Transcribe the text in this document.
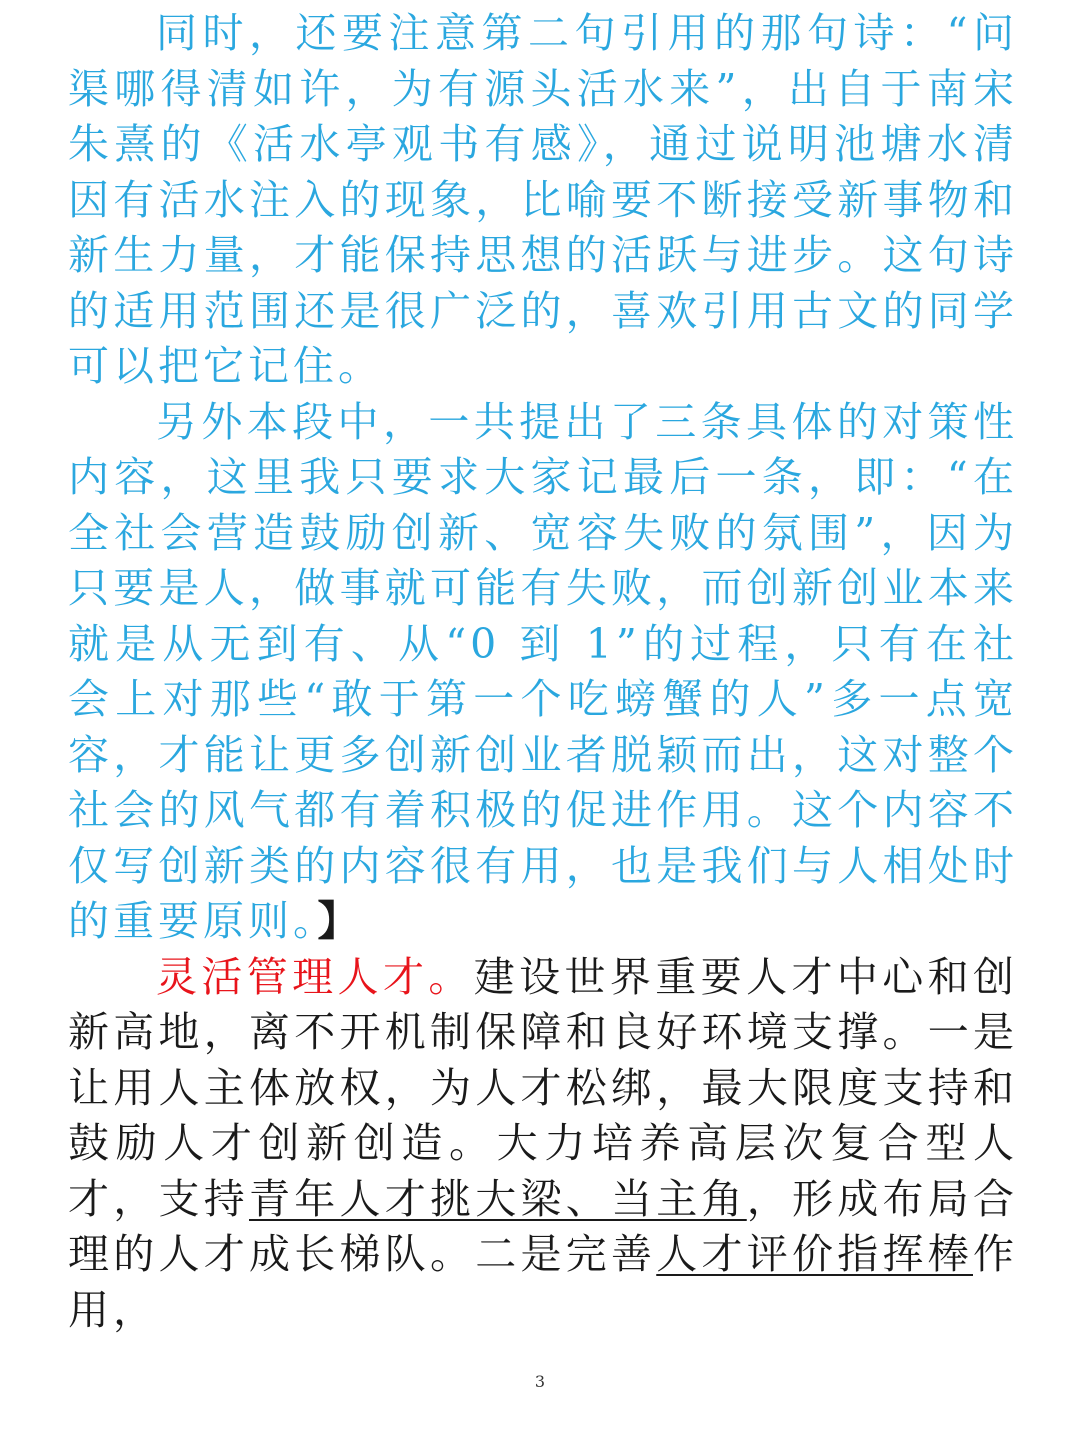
同时，还要注意第二句引用的那句诗：“问渠哪得清如许，为有源头活水来”，出自于南宋朱熹的《活水亭观书有感》，通过说明池塘水清因有活水注入的现象，比喻要不断接受新事物和新生力量，才能保持思想的活跃与进步。这句诗的适用范围还是很广泛的，喜欢引用古文的同学可以把它记住。

另外本段中，一共提出了三条具体的对策性内容，这里我只要求大家记最后一条，即：“在全社会营造鼓励创新、宽容失败的氛围”，因为只要是人，做事就可能有失败，而创新创业本来就是从无到有、从“0 到 1”的过程，只有在社会上对那些“敢于第一个吃螃蟹的人”多一点宽容，才能让更多创新创业者脱颖而出，这对整个社会的风气都有着积极的促进作用。这个内容不仅写创新类的内容很有用，也是我们与人相处时的重要原则。】

灵活管理人才。建设世界重要人才中心和创新高地，离不开机制保障和良好环境支撑。一是让用人主体放权，为人才松绑，最大限度支持和鼓励人才创新创造。大力培养高层次复合型人才，支持青年人才挑大梁、当主角，形成布局合理的人才成长梯队。二是完善人才评价指挥棒作用，

3
